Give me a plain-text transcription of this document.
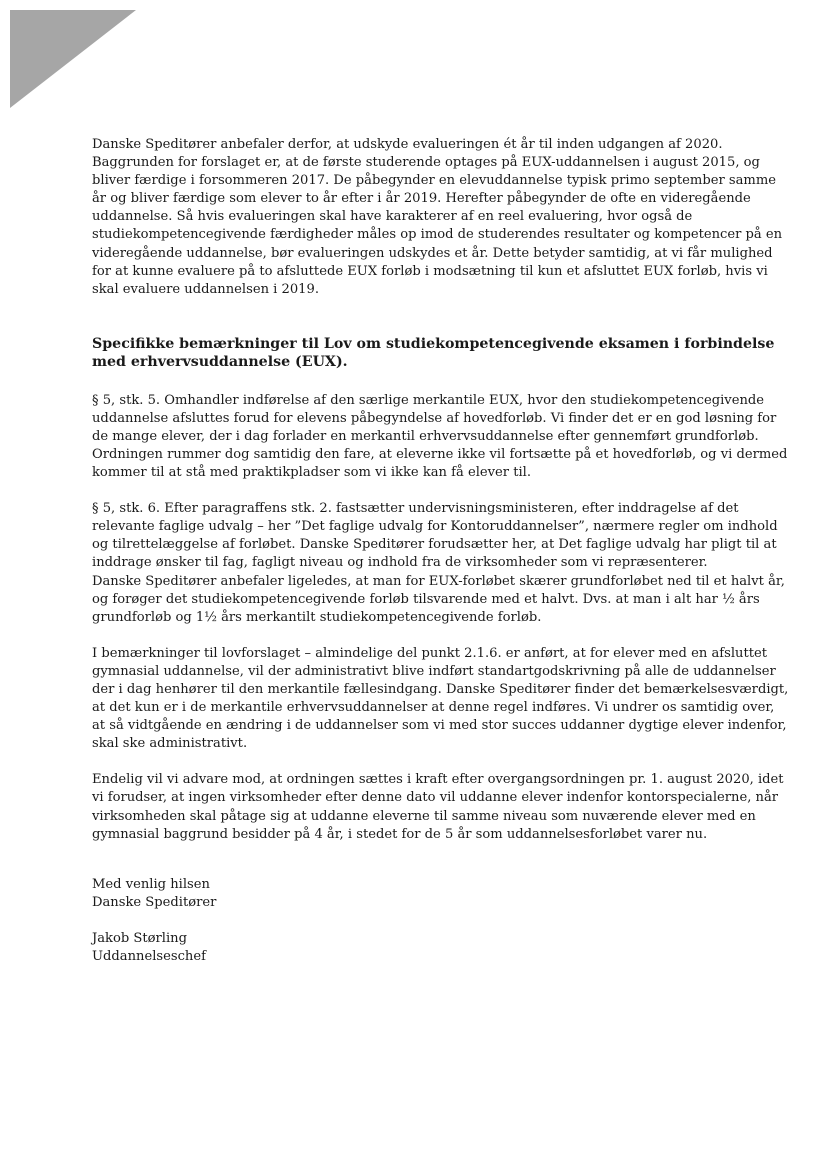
Danske Speditører anbefaler derfor, at udskyde evalueringen ét år til inden udgangen af 2020.
Baggrunden for forslaget er, at de første studerende optages på EUX-uddannelsen i august 2015, og
bliver færdige i forsommeren 2017. De påbegynder en elevuddannelse typisk primo september samme
år og bliver færdige som elever to år efter i år 2019. Herefter påbegynder de ofte en videregående
uddannelse. Så hvis evalueringen skal have karakterer af en reel evaluering, hvor også de
studiekompetencegivende færdigheder måles op imod de studerendes resultater og kompetencer på en
videregående uddannelse, bør evalueringen udskydes et år. Dette betyder samtidig, at vi får mulighed
for at kunne evaluere på to afsluttede EUX forløb i modsætning til kun et afsluttet EUX forløb, hvis vi
skal evaluere uddannelsen i 2019.

Specifikke bemærkninger til Lov om studiekompetencegivende eksamen i forbindelse
med erhvervsuddannelse (EUX).

§ 5, stk. 5. Omhandler indførelse af den særlige merkantile EUX, hvor den studiekompetencegivende
uddannelse afsluttes forud for elevens påbegyndelse af hovedforløb. Vi finder det er en god løsning for
de mange elever, der i dag forlader en merkantil erhvervsuddannelse efter gennemført grundforløb.
Ordningen rummer dog samtidig den fare, at eleverne ikke vil fortsætte på et hovedforløb, og vi dermed
kommer til at stå med praktikpladser som vi ikke kan få elever til.

§ 5, stk. 6. Efter paragraffens stk. 2. fastsætter undervisningsministeren, efter inddragelse af det
relevante faglige udvalg – her ”Det faglige udvalg for Kontoruddannelser”, nærmere regler om indhold
og tilrettelæggelse af forløbet. Danske Speditører forudsætter her, at Det faglige udvalg har pligt til at
inddrage ønsker til fag, fagligt niveau og indhold fra de virksomheder som vi repræsenterer.
Danske Speditører anbefaler ligeledes, at man for EUX-forløbet skærer grundforløbet ned til et halvt år,
og forøger det studiekompetencegivende forløb tilsvarende med et halvt. Dvs. at man i alt har ½ års
grundforløb og 1½ års merkantilt studiekompetencegivende forløb.

I bemærkninger til lovforslaget – almindelige del punkt 2.1.6. er anført, at for elever med en afsluttet
gymnasial uddannelse, vil der administrativt blive indført standartgodskrivning på alle de uddannelser
der i dag henhører til den merkantile fællesindgang. Danske Speditører finder det bemærkelsesværdigt,
at det kun er i de merkantile erhvervsuddannelser at denne regel indføres. Vi undrer os samtidig over,
at så vidtgående en ændring i de uddannelser som vi med stor succes uddanner dygtige elever indenfor,
skal ske administrativt.

Endelig vil vi advare mod, at ordningen sættes i kraft efter overgangsordningen pr. 1. august 2020, idet
vi forudser, at ingen virksomheder efter denne dato vil uddanne elever indenfor kontorspecialerne, når
virksomheden skal påtage sig at uddanne eleverne til samme niveau som nuværende elever med en
gymnasial baggrund besidder på 4 år, i stedet for de 5 år som uddannelsesforløbet varer nu.

Med venlig hilsen
Danske Speditører
Jakob Størling
Uddannelseschef
